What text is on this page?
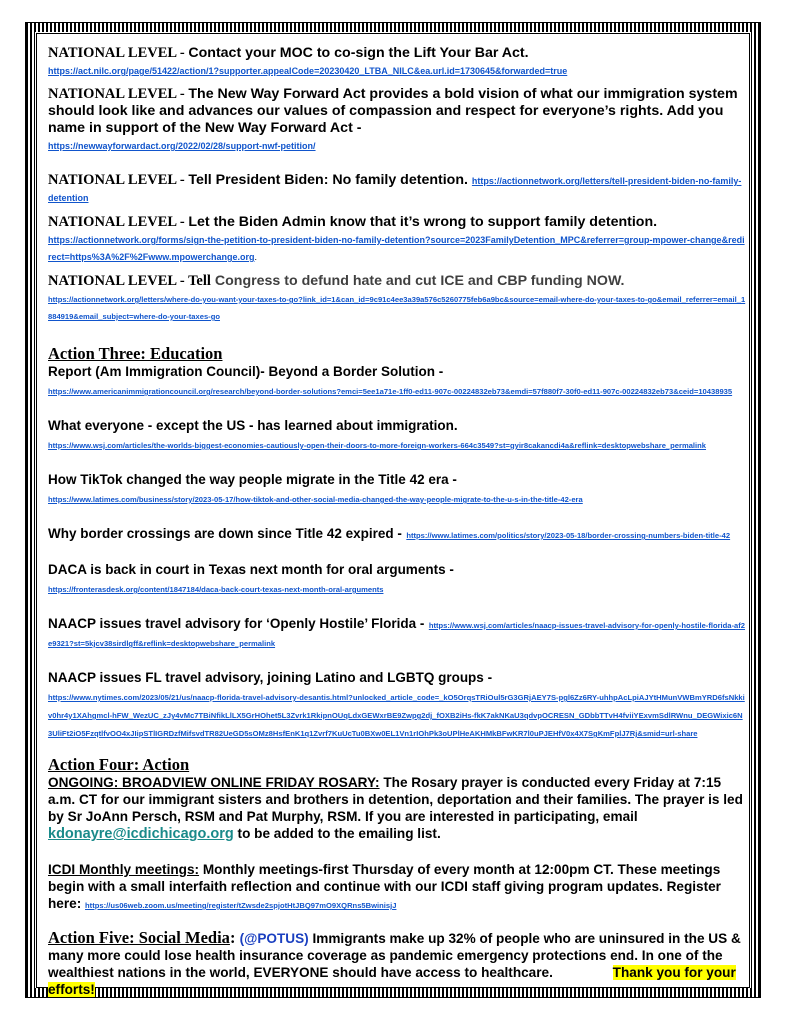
NATIONAL LEVEL - Contact your MOC to co-sign the Lift Your Bar Act.
https://act.nilc.org/page/51422/action/1?supporter.appealCode=20230420_LTBA_NILC&ea.url.id=1730645&forwarded=true

NATIONAL LEVEL - The New Way Forward Act provides a bold vision of what our immigration system should look like and advances our values of compassion and respect for everyone’s rights. Add you name in support of the New Way Forward Act -
https://newwayforwardact.org/2022/02/28/support-nwf-petition/

NATIONAL LEVEL - Tell President Biden: No family detention. https://actionnetwork.org/letters/tell-president-biden-no-family-detention

NATIONAL LEVEL - Let the Biden Admin know that it’s wrong to support family detention.
https://actionnetwork.org/forms/sign-the-petition-to-president-biden-no-family-detention?source=2023FamilyDetention_MPC&referrer=group-mpower-change&redirect=https%3A%2F%2Fwww.mpowerchange.org.

NATIONAL LEVEL - Tell Congress to defund hate and cut ICE and CBP funding NOW.
https://actionnetwork.org/letters/where-do-you-want-your-taxes-to-go?link_id=1&can_id=9c91c4ee3a39a576c5260775feb6a9bc&source=email-where-do-your-taxes-to-go&email_referrer=email_1884919&email_subject=where-do-your-taxes-go

Action Three: Education

Report (Am Immigration Council)- Beyond a Border Solution -
https://www.americanimmigrationcouncil.org/research/beyond-border-solutions?emci=5ee1a71e-1ff0-ed11-907c-00224832eb73&emdi=57f880f7-30f0-ed11-907c-00224832eb73&ceid=10438935

What everyone - except the US - has learned about immigration.
https://www.wsj.com/articles/the-worlds-biggest-economies-cautiously-open-their-doors-to-more-foreign-workers-664c3549?st=gyir8cakancdi4a&reflink=desktopwebshare_permalink

How TikTok changed the way people migrate in the Title 42 era -
https://www.latimes.com/business/story/2023-05-17/how-tiktok-and-other-social-media-changed-the-way-people-migrate-to-the-u-s-in-the-title-42-era

Why border crossings are down since Title 42 expired - https://www.latimes.com/politics/story/2023-05-18/border-crossing-numbers-biden-title-42

DACA is back in court in Texas next month for oral arguments -
https://fronterasdesk.org/content/1847184/daca-back-court-texas-next-month-oral-arguments

NAACP issues travel advisory for ‘Openly Hostile’ Florida - https://www.wsj.com/articles/naacp-issues-travel-advisory-for-openly-hostile-florida-af2e9321?st=5kjcv38sirdlgff&reflink=desktopwebshare_permalink

NAACP issues FL travel advisory, joining Latino and LGBTQ groups -
https://www.nytimes.com/2023/05/21/us/naacp-florida-travel-advisory-desantis.html?unlocked_article_code=_kO5OrqsTRiOul5rG3GRjAEY7S-pgl6Zz6RY-uhhpAcLpiAJYtHMunVWBmYRD6fsNkkiv0hr4y1XAhgmcl-hFW_WezUC_zJy4vMc7TBiNfikLlLX5GrHOhet5L3Zvrk1RkipnOUqLdxGEWxrBE9Zwpg2dj_fOXB2iHs-fkK7akNKaU3qdvpOCRESN_GDbbTTvH4fviiYExvmSdlRWnu_DEGWixic6N3UliFt2iO5FzqtlfvOO4xJIipSTlIGRDzfMifsvdTR82UeGD5sOMz8HsfEnK1q1Zvrf7KuUcTu0BXw0EL1Vn1rIOhPk3oUPlHeAKHMkBFwKR7l0uPJEHfV0x4X7SgKmFplJ7Rj&smid=url-share

Action Four: Action

ONGOING: BROADVIEW ONLINE FRIDAY ROSARY: The Rosary prayer is conducted every Friday at 7:15 a.m. CT for our immigrant sisters and brothers in detention, deportation and their families. The prayer is led by Sr JoAnn Persch, RSM and Pat Murphy, RSM. If you are interested in participating, email kdonayre@icdichicago.org to be added to the emailing list.

ICDI Monthly meetings: Monthly meetings-first Thursday of every month at 12:00pm CT. These meetings begin with a small interfaith reflection and continue with our ICDI staff giving program updates. Register here: https://us06web.zoom.us/meeting/register/tZwsde2spjotHtJBQ97mO9XQRns5BwinisjJ

Action Five: Social Media: (@POTUS) Immigrants make up 32% of people who are uninsured in the US & many more could lose health insurance coverage as pandemic emergency protections end. In one of the wealthiest nations in the world, EVERYONE should have access to healthcare.	Thank you for your efforts!
